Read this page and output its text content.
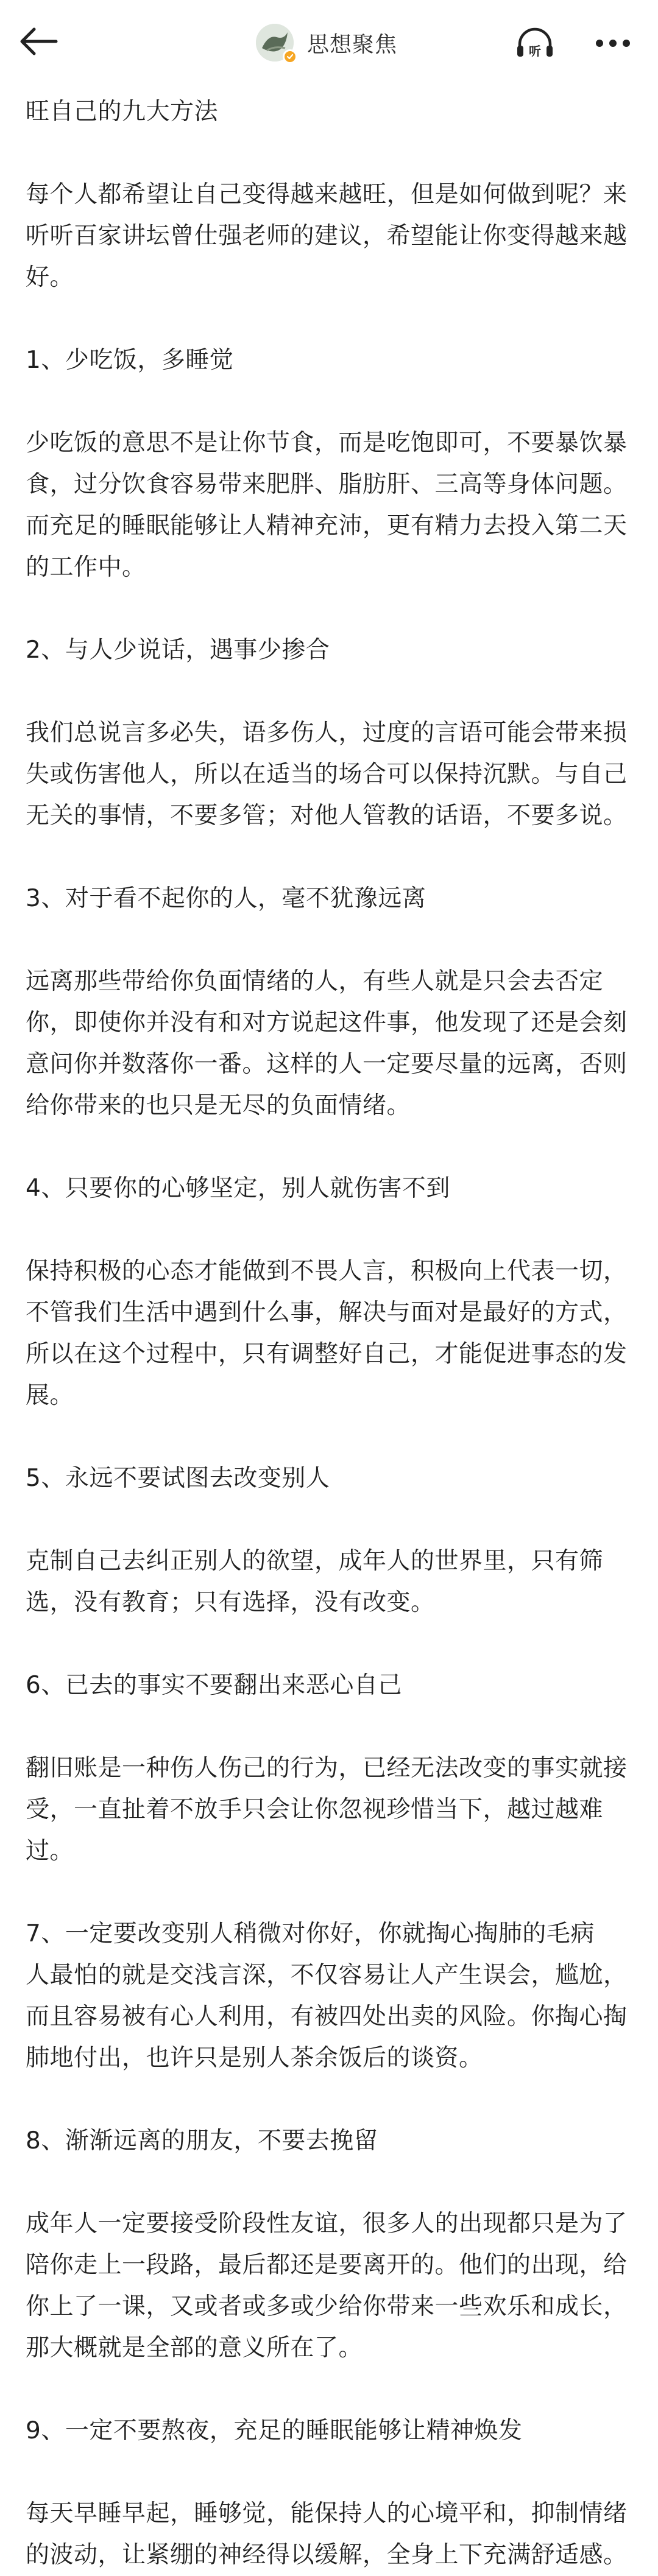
思想聚焦	听

旺自己的九大方法

每个人都希望让自己变得越来越旺，但是如何做到呢？来听听百家讲坛曾仕强老师的建议，希望能让你变得越来越好。

1、少吃饭，多睡觉

少吃饭的意思不是让你节食，而是吃饱即可，不要暴饮暴食，过分饮食容易带来肥胖、脂肪肝、三高等身体问题。而充足的睡眠能够让人精神充沛，更有精力去投入第二天的工作中。

2、与人少说话，遇事少掺合

我们总说言多必失，语多伤人，过度的言语可能会带来损失或伤害他人，所以在适当的场合可以保持沉默。与自己无关的事情，不要多管；对他人管教的话语，不要多说。

3、对于看不起你的人，毫不犹豫远离

远离那些带给你负面情绪的人，有些人就是只会去否定你，即使你并没有和对方说起这件事，他发现了还是会刻意问你并数落你一番。这样的人一定要尽量的远离，否则给你带来的也只是无尽的负面情绪。

4、只要你的心够坚定，别人就伤害不到

保持积极的心态才能做到不畏人言，积极向上代表一切，不管我们生活中遇到什么事，解决与面对是最好的方式，所以在这个过程中，只有调整好自己，才能促进事态的发展。

5、永远不要试图去改变别人

克制自己去纠正别人的欲望，成年人的世界里，只有筛选，没有教育；只有选择，没有改变。

6、已去的事实不要翻出来恶心自己

翻旧账是一种伤人伤己的行为，已经无法改变的事实就接受，一直扯着不放手只会让你忽视珍惜当下，越过越难过。

7、一定要改变别人稍微对你好，你就掏心掏肺的毛病

人最怕的就是交浅言深，不仅容易让人产生误会，尴尬，而且容易被有心人利用，有被四处出卖的风险。你掏心掏肺地付出，也许只是别人茶余饭后的谈资。

8、渐渐远离的朋友，不要去挽留

成年人一定要接受阶段性友谊，很多人的出现都只是为了陪你走上一段路，最后都还是要离开的。他们的出现，给你上了一课，又或者或多或少给你带来一些欢乐和成长，那大概就是全部的意义所在了。

9、一定不要熬夜，充足的睡眠能够让精神焕发

每天早睡早起，睡够觉，能保持人的心境平和，抑制情绪的波动，让紧绷的神经得以缓解，全身上下充满舒适感。
